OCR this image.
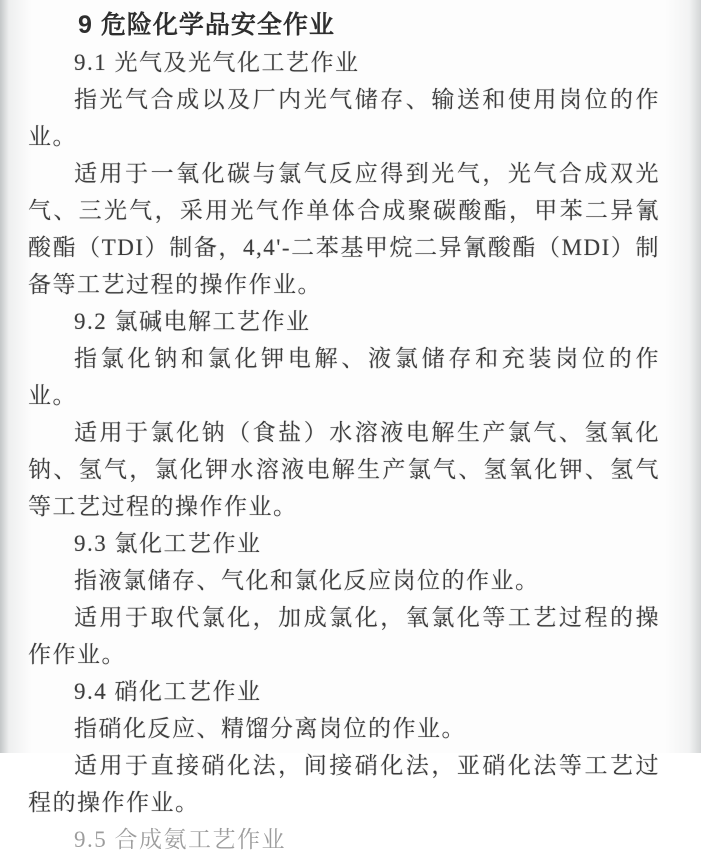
9 危险化学品安全作业
9.1 光气及光气化工艺作业

指光气合成以及厂内光气储存、输送和使用岗位的作业。

适用于一氧化碳与氯气反应得到光气，光气合成双光气、三光气，采用光气作单体合成聚碳酸酯，甲苯二异氰酸酯（TDI）制备，4,4'-二苯基甲烷二异氰酸酯（MDI）制备等工艺过程的操作作业。

9.2 氯碱电解工艺作业

指氯化钠和氯化钾电解、液氯储存和充装岗位的作业。

适用于氯化钠（食盐）水溶液电解生产氯气、氢氧化钠、氢气，氯化钾水溶液电解生产氯气、氢氧化钾、氢气等工艺过程的操作作业。

9.3 氯化工艺作业

指液氯储存、气化和氯化反应岗位的作业。

适用于取代氯化，加成氯化，氧氯化等工艺过程的操作作业。

9.4 硝化工艺作业

指硝化反应、精馏分离岗位的作业。

适用于直接硝化法，间接硝化法，亚硝化法等工艺过程的操作作业。

9.5 合成氨工艺作业
